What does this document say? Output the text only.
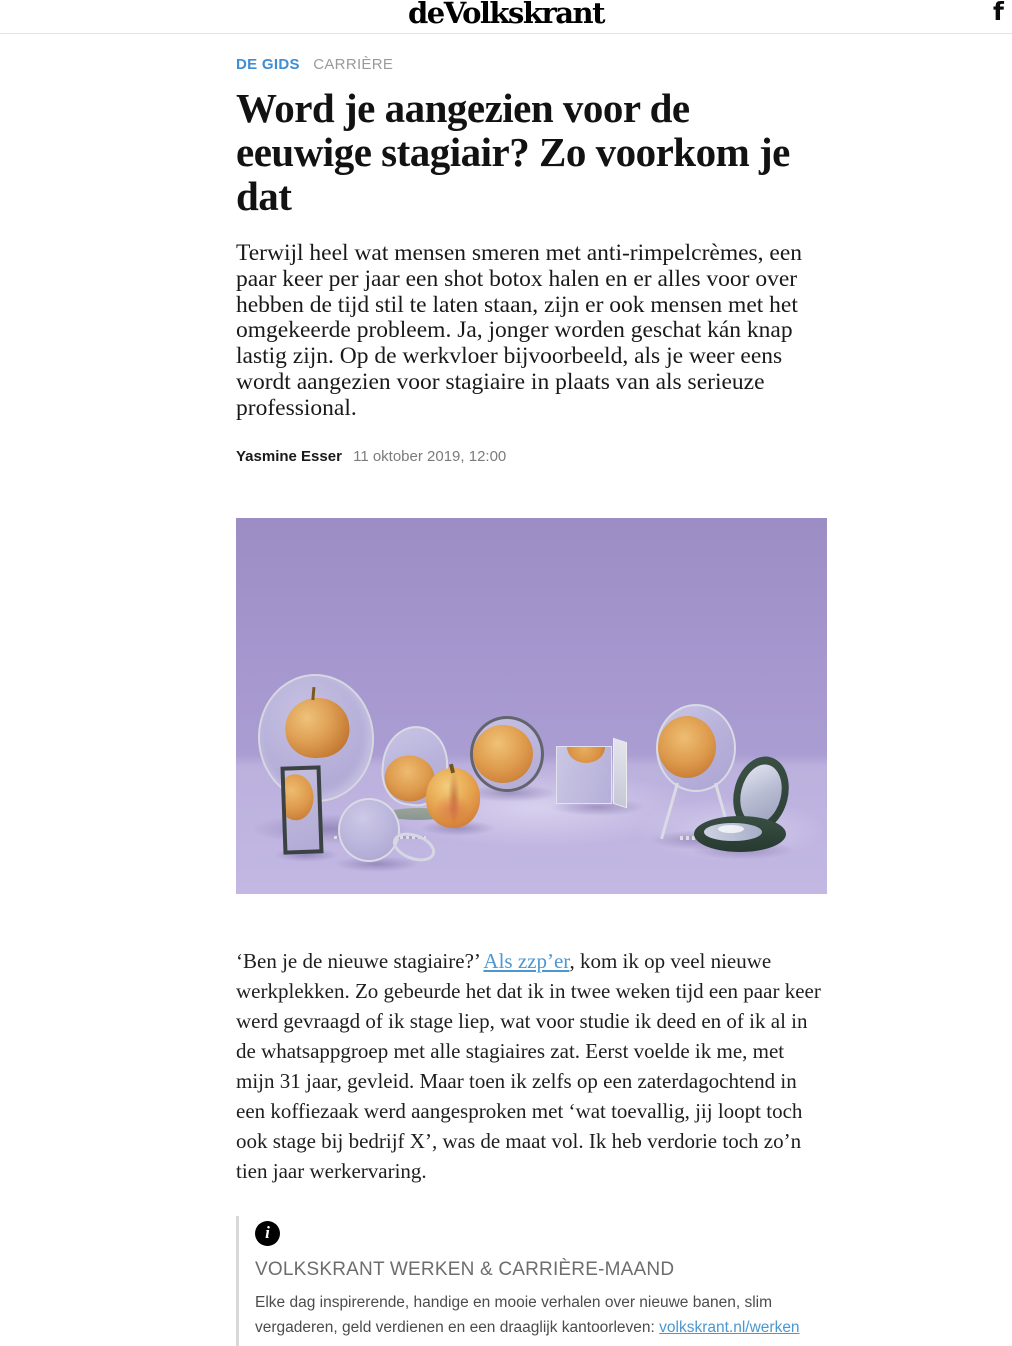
deVolkskrant	f
DE GIDS CARRIÈRE
Word je aangezien voor de eeuwige stagiair? Zo voorkom je dat

Terwijl heel wat mensen smeren met anti-rimpelcrèmes, een paar keer per jaar een shot botox halen en er alles voor over hebben de tijd stil te laten staan, zijn er ook mensen met het omgekeerde probleem. Ja, jonger worden geschat kán knap lastig zijn. Op de werkvloer bijvoorbeeld, als je weer eens wordt aangezien voor stagiaire in plaats van als serieuze professional.

Yasmine Esser 11 oktober 2019, 12:00

‘Ben je de nieuwe stagiaire?’ Als zzp’er, kom ik op veel nieuwe werkplekken. Zo gebeurde het dat ik in twee weken tijd een paar keer werd gevraagd of ik stage liep, wat voor studie ik deed en of ik al in de whatsappgroep met alle stagiaires zat. Eerst voelde ik me, met mijn 31 jaar, gevleid. Maar toen ik zelfs op een zaterdagochtend in een koffiezaak werd aangesproken met ‘wat toevallig, jij loopt toch ook stage bij bedrijf X’, was de maat vol. Ik heb verdorie toch zo’n tien jaar werkervaring.

i
VOLKSKRANT WERKEN & CARRIÈRE-MAAND
Elke dag inspirerende, handige en mooie verhalen over nieuwe banen, slim vergaderen, geld verdienen en een draaglijk kantoorleven: volkskrant.nl/werken
